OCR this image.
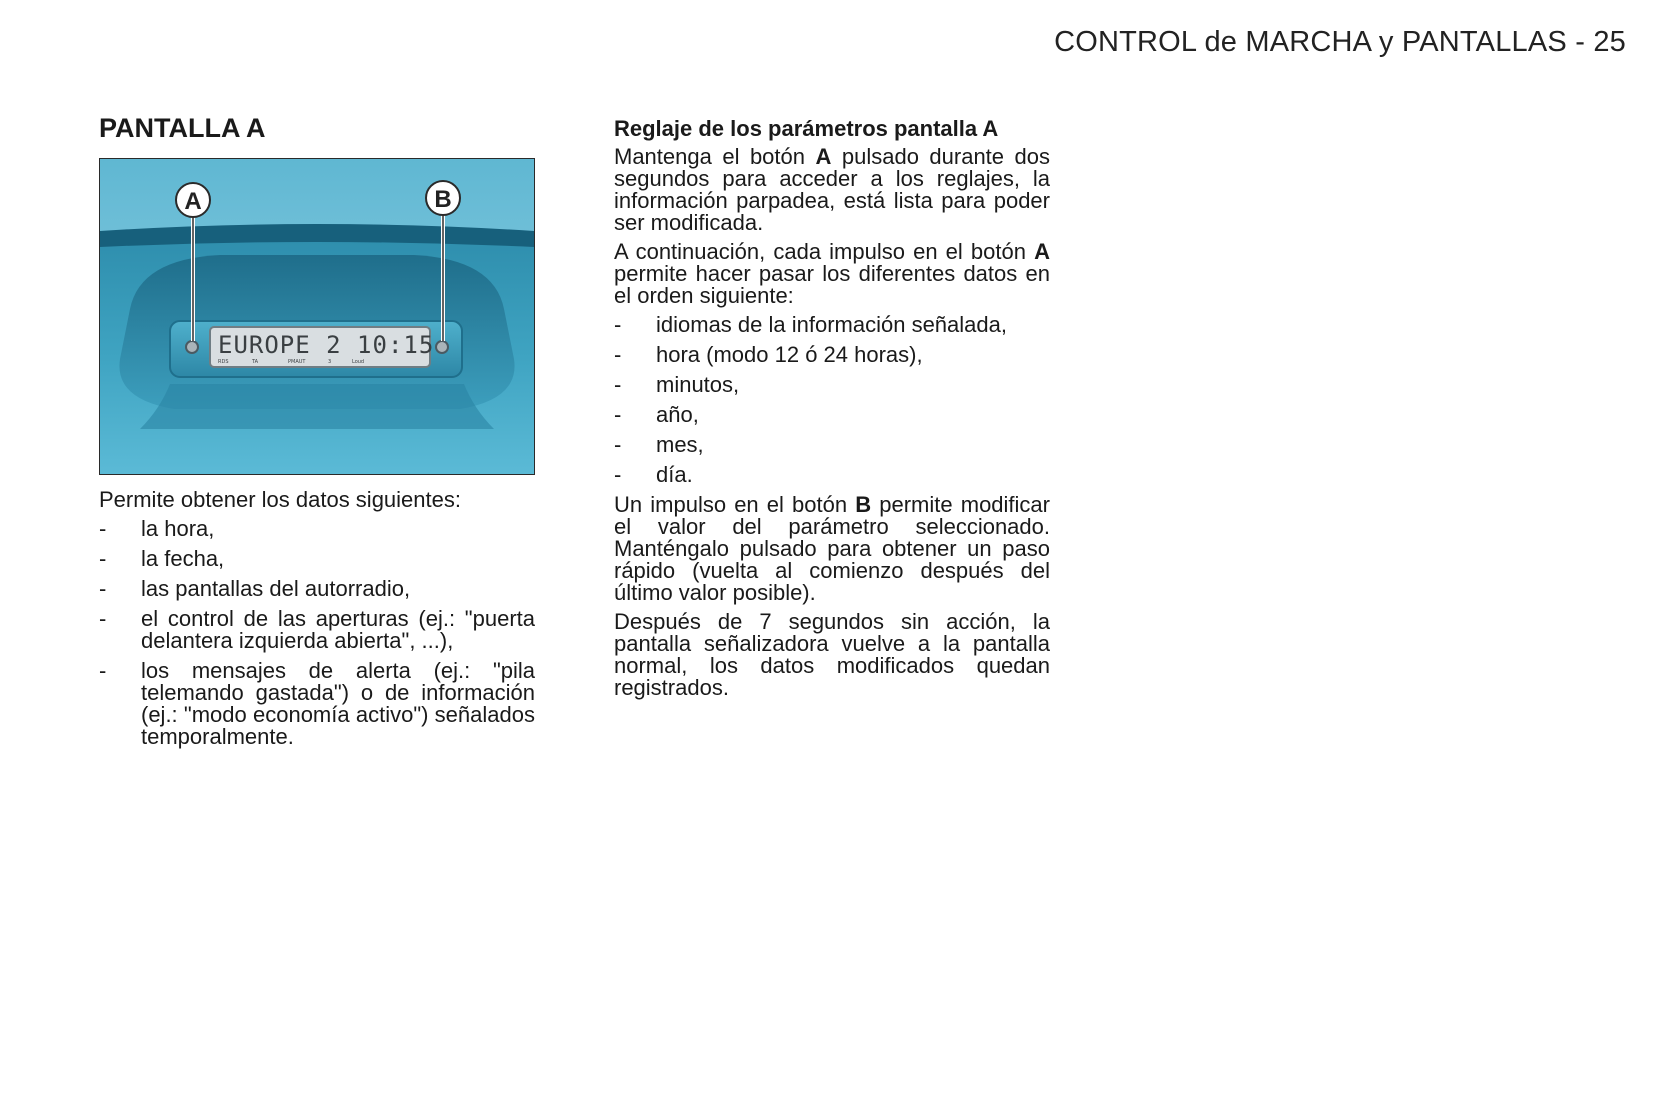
CONTROL de MARCHA y PANTALLAS - 25
PANTALLA A
EUROPE 2 10:15
RDS	TA	PMAUT	3	Loud
A	B

Permite obtener los datos siguientes:

- la hora,
- la fecha,
- las pantallas del autorradio,
- el control de las aperturas (ej.: "puerta delantera izquierda abierta", ...),
- los mensajes de alerta (ej.: "pila telemando gastada") o de información (ej.: "modo economía activo") señalados temporalmente.
Reglaje de los parámetros pantalla A

Mantenga el botón A pulsado durante dos segundos para acceder a los reglajes, la información parpadea, está lista para poder ser modificada.

A continuación, cada impulso en el botón A permite hacer pasar los diferentes datos en el orden siguiente:

- idiomas de la información señalada,
- hora (modo 12 ó 24 horas),
- minutos,
- año,
- mes,
- día.

Un impulso en el botón B permite modificar el valor del parámetro seleccionado. Manténgalo pulsado para obtener un paso rápido (vuelta al comienzo después del último valor posible).

Después de 7 segundos sin acción, la pantalla señalizadora vuelve a la pantalla normal, los datos modificados quedan registrados.
